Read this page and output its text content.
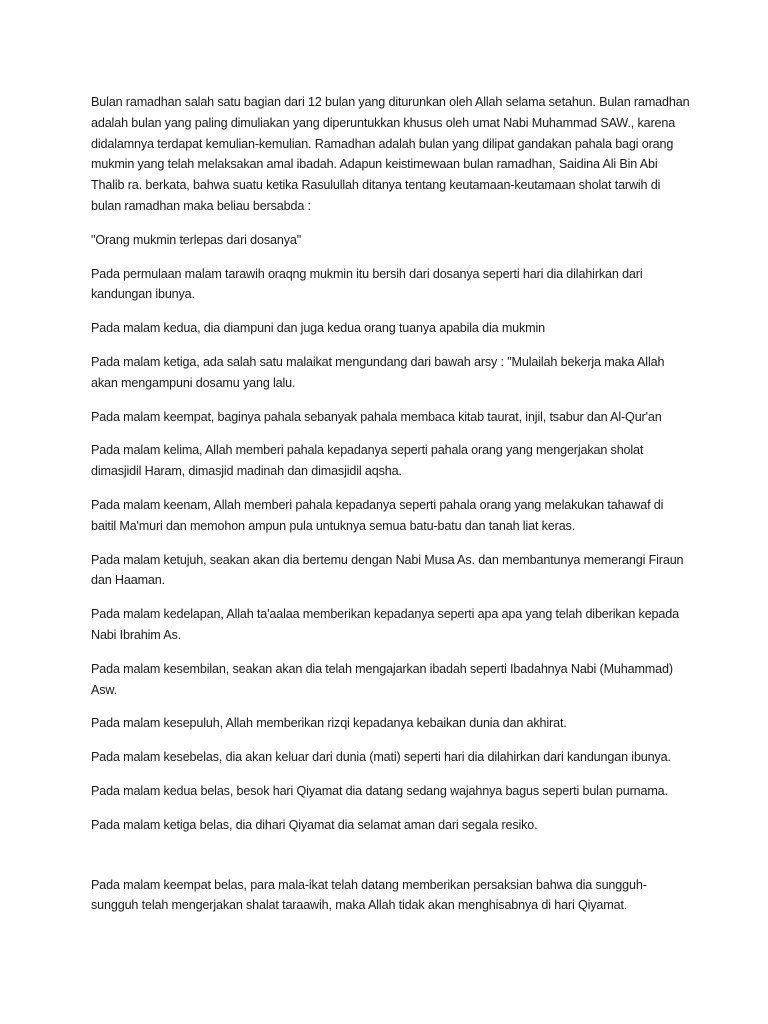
Bulan ramadhan salah satu bagian dari 12 bulan yang diturunkan oleh Allah selama setahun. Bulan ramadhan adalah bulan yang paling dimuliakan yang diperuntukkan khusus oleh umat Nabi Muhammad SAW., karena didalamnya terdapat kemulian-kemulian. Ramadhan adalah bulan yang dilipat gandakan pahala bagi orang mukmin yang telah melaksakan amal ibadah. Adapun keistimewaan bulan ramadhan, Saidina Ali Bin Abi Thalib ra. berkata, bahwa suatu ketika Rasulullah ditanya tentang keutamaan-keutamaan sholat tarwih di bulan ramadhan maka beliau bersabda :

"Orang mukmin terlepas dari dosanya"

Pada permulaan malam tarawih oraqng mukmin itu bersih dari dosanya seperti hari dia dilahirkan dari kandungan ibunya.

Pada malam kedua, dia diampuni dan juga kedua orang tuanya apabila dia mukmin

Pada malam ketiga, ada salah satu malaikat mengundang dari bawah arsy : "Mulailah bekerja maka Allah akan mengampuni dosamu yang lalu.

Pada malam keempat, baginya pahala sebanyak pahala membaca kitab taurat, injil, tsabur dan Al-Qur'an

Pada malam kelima, Allah memberi pahala kepadanya seperti pahala orang yang mengerjakan sholat dimasjidil Haram, dimasjid madinah dan dimasjidil aqsha.

Pada malam keenam, Allah memberi pahala kepadanya seperti pahala orang yang melakukan tahawaf di baitil Ma'muri dan memohon ampun pula untuknya semua batu-batu dan tanah liat keras.

Pada malam ketujuh, seakan akan dia bertemu dengan Nabi Musa As. dan membantunya memerangi Firaun dan Haaman.

Pada malam kedelapan, Allah ta'aalaa memberikan kepadanya seperti apa apa yang telah diberikan kepada Nabi Ibrahim As.

Pada malam kesembilan, seakan akan dia telah mengajarkan ibadah seperti Ibadahnya Nabi (Muhammad) Asw.

Pada malam kesepuluh, Allah memberikan rizqi kepadanya kebaikan dunia dan akhirat.

Pada malam kesebelas, dia akan keluar dari dunia (mati) seperti hari dia dilahirkan dari kandungan ibunya.

Pada malam kedua belas, besok hari Qiyamat dia datang sedang wajahnya bagus seperti bulan purnama.

Pada malam ketiga belas, dia dihari Qiyamat dia selamat aman dari segala resiko.

Pada malam keempat belas, para mala-ikat telah datang memberikan persaksian bahwa dia sungguh-sungguh telah mengerjakan shalat taraawih, maka Allah tidak akan menghisabnya di hari Qiyamat.
